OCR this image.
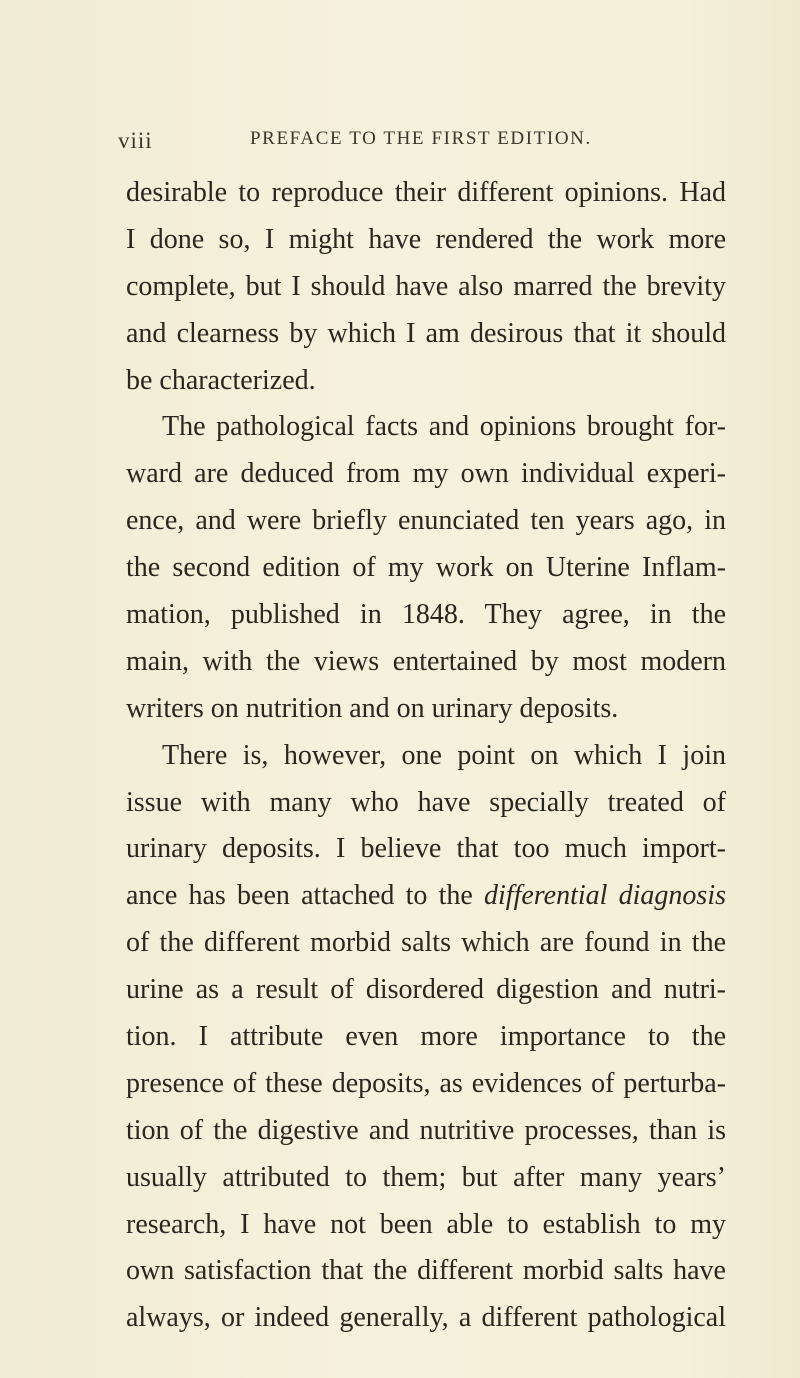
viii	PREFACE TO THE FIRST EDITION.
desirable to reproduce their different opinions. Had
I done so, I might have rendered the work more
complete, but I should have also marred the brevity
and clearness by which I am desirous that it should
be characterized.
The pathological facts and opinions brought for-
ward are deduced from my own individual experi-
ence, and were briefly enunciated ten years ago, in
the second edition of my work on Uterine Inflam-
mation, published in 1848. They agree, in the
main, with the views entertained by most modern
writers on nutrition and on urinary deposits.
There is, however, one point on which I join
issue with many who have specially treated of
urinary deposits. I believe that too much import-
ance has been attached to the differential diagnosis
of the different morbid salts which are found in the
urine as a result of disordered digestion and nutri-
tion. I attribute even more importance to the
presence of these deposits, as evidences of perturba-
tion of the digestive and nutritive processes, than is
usually attributed to them; but after many years’
research, I have not been able to establish to my
own satisfaction that the different morbid salts have
always, or indeed generally, a different pathological
